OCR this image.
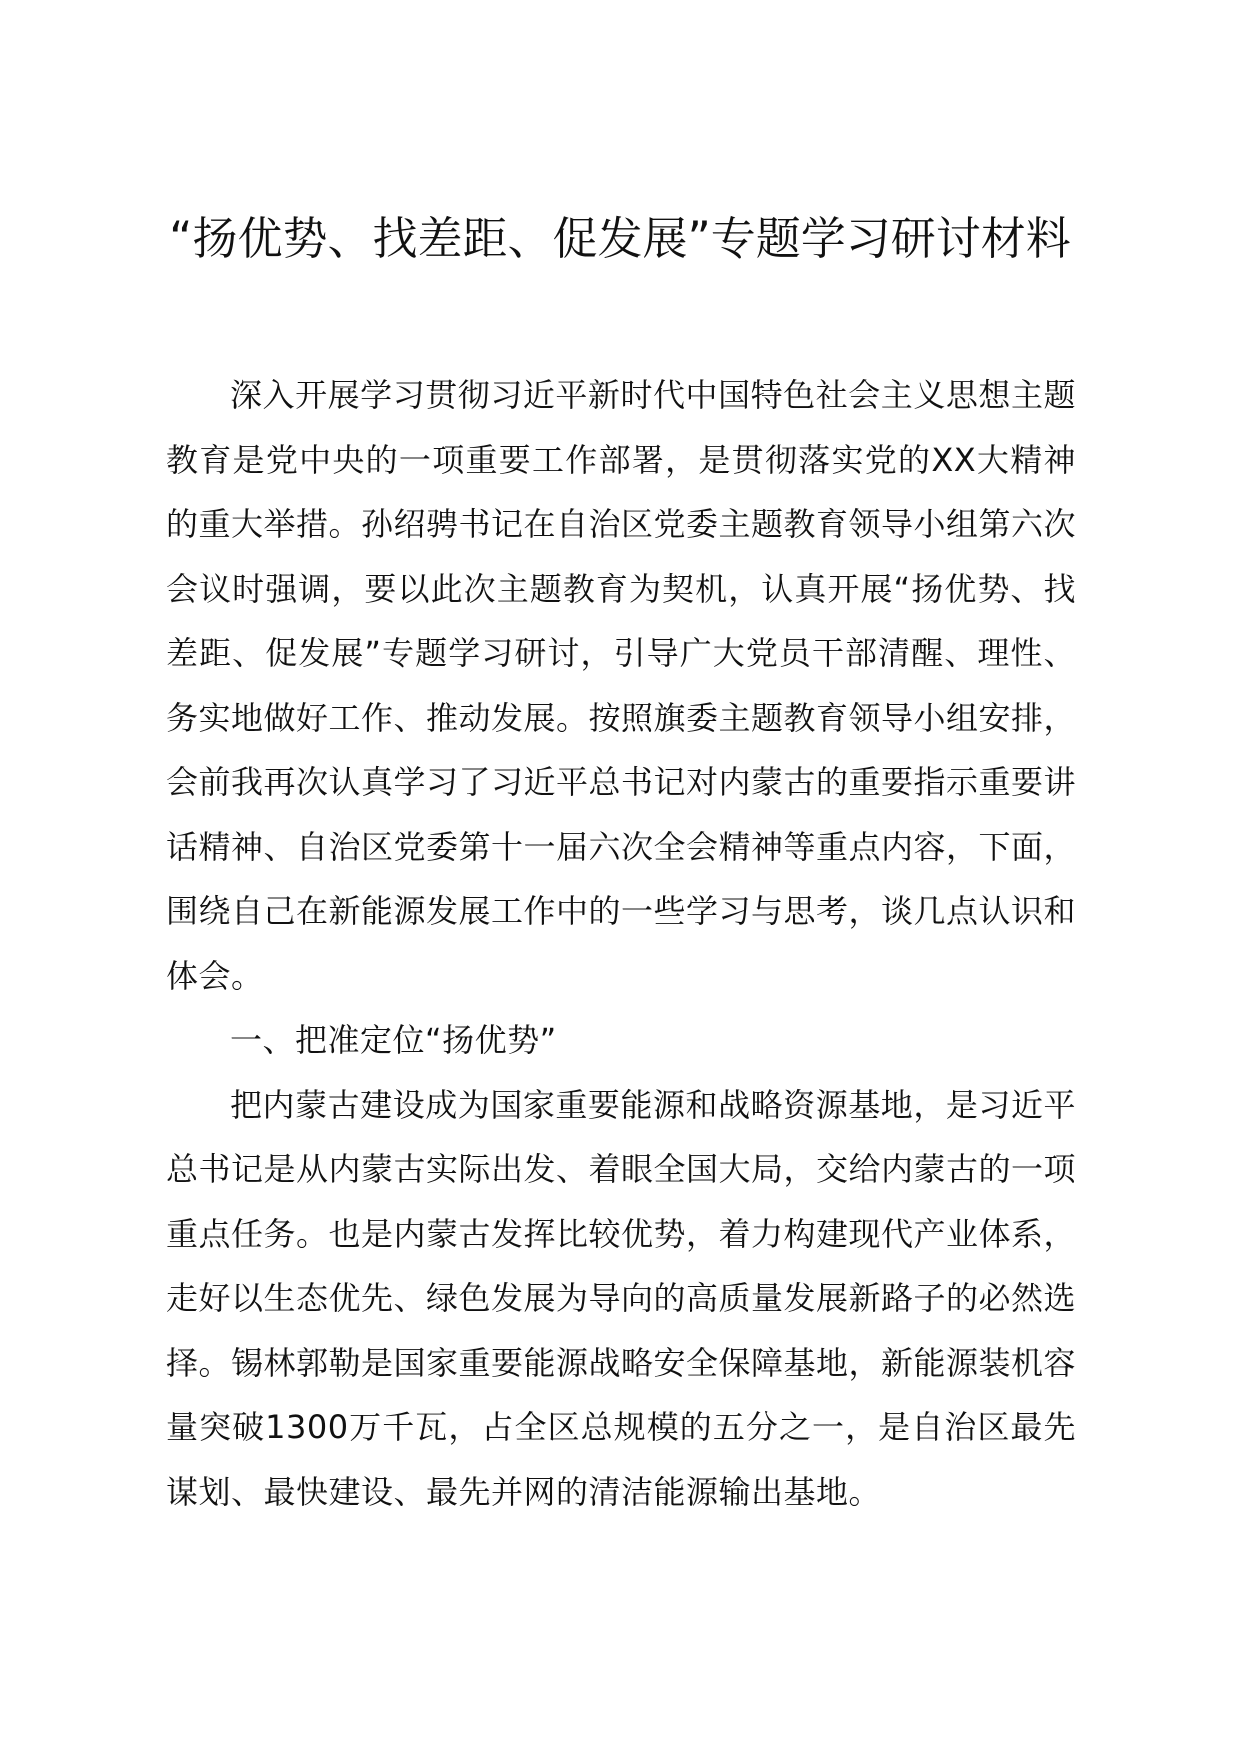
“扬优势、找差距、促发展”专题学习研讨材料

深入开展学习贯彻习近平新时代中国特色社会主义思想主题教育是党中央的一项重要工作部署，是贯彻落实党的XX大精神的重大举措。孙绍骋书记在自治区党委主题教育领导小组第六次会议时强调，要以此次主题教育为契机，认真开展“扬优势、找差距、促发展”专题学习研讨，引导广大党员干部清醒、理性、务实地做好工作、推动发展。按照旗委主题教育领导小组安排，会前我再次认真学习了习近平总书记对内蒙古的重要指示重要讲话精神、自治区党委第十一届六次全会精神等重点内容，下面，围绕自己在新能源发展工作中的一些学习与思考，谈几点认识和体会。

一、把准定位“扬优势”

把内蒙古建设成为国家重要能源和战略资源基地，是习近平总书记是从内蒙古实际出发、着眼全国大局，交给内蒙古的一项重点任务。也是内蒙古发挥比较优势，着力构建现代产业体系，走好以生态优先、绿色发展为导向的高质量发展新路子的必然选择。锡林郭勒是国家重要能源战略安全保障基地，新能源装机容量突破1300万千瓦，占全区总规模的五分之一，是自治区最先谋划、最快建设、最先并网的清洁能源输出基地。
